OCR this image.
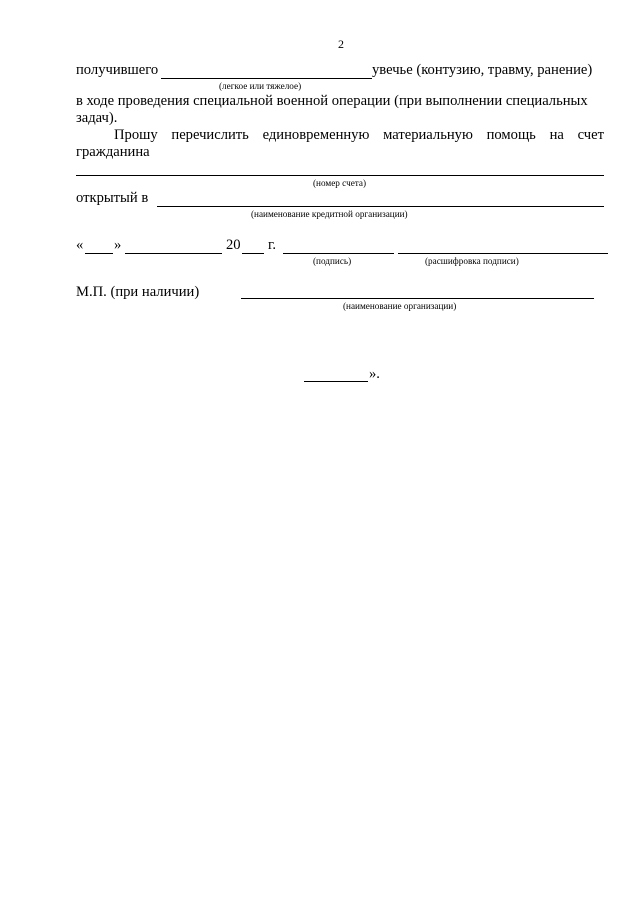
2
получившего	увечье (контузию, травму, ранение)
(легкое или тяжелое)
в ходе проведения специальной военной операции (при выполнении специальных
задач).
Прошу перечислить единовременную материальную помощь на счет
гражданина
(номер счета)
открытый в
(наименование кредитной организации)
« »	20 г.
(подпись)	(расшифровка подписи)
М.П. (при наличии)
(наименование организации)
».
